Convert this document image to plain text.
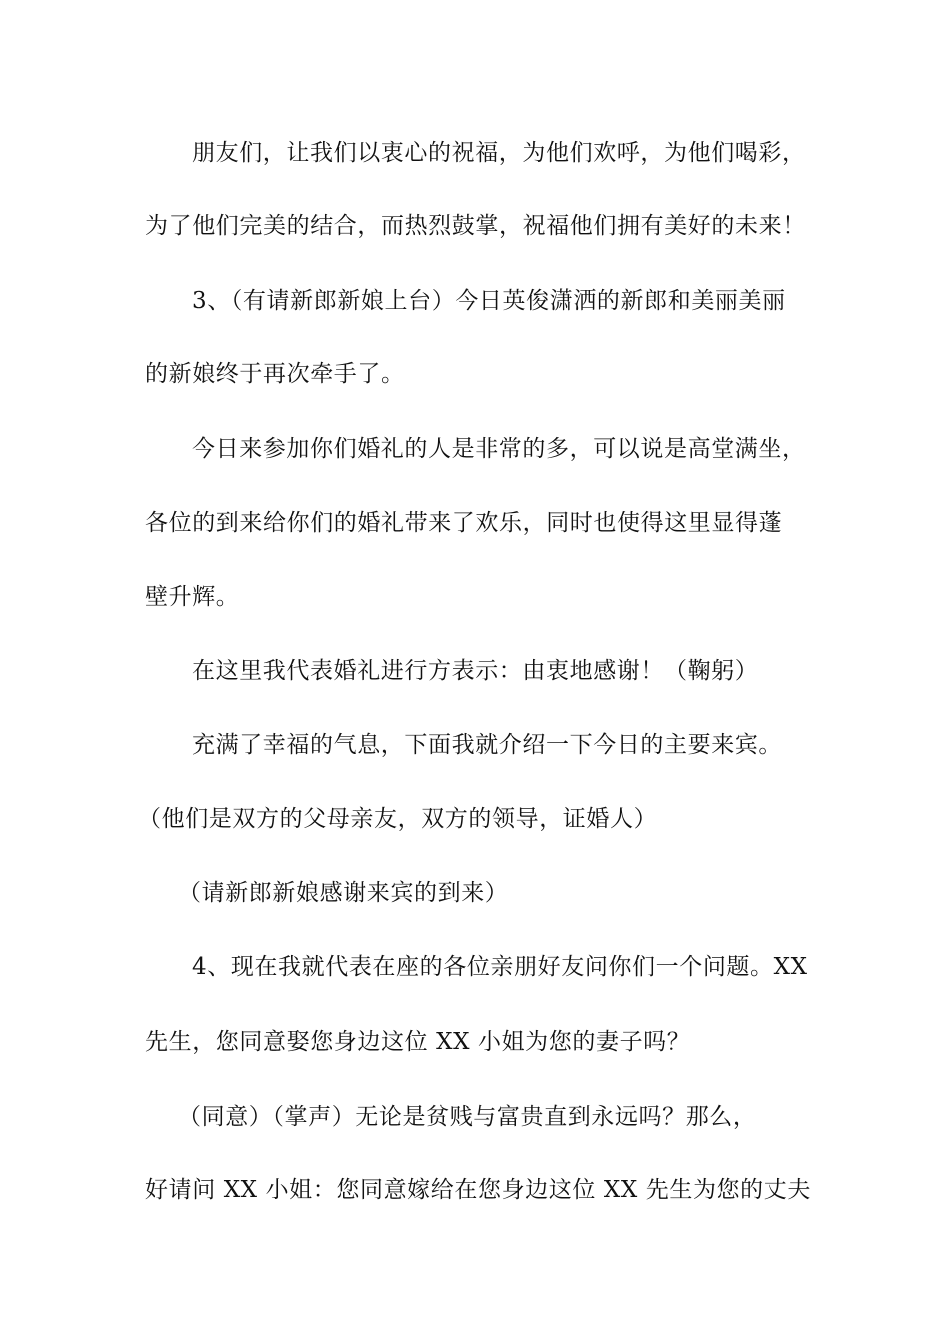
朋友们，让我们以衷心的祝福，为他们欢呼，为他们喝彩，
为了他们完美的结合，而热烈鼓掌，祝福他们拥有美好的未来！
3、（有请新郎新娘上台）今日英俊潇洒的新郎和美丽美丽
的新娘终于再次牵手了。
今日来参加你们婚礼的人是非常的多，可以说是高堂满坐，
各位的到来给你们的婚礼带来了欢乐，同时也使得这里显得蓬
壁升辉。
在这里我代表婚礼进行方表示：由衷地感谢！（鞠躬）
充满了幸福的气息，下面我就介绍一下今日的主要来宾。
（他们是双方的父母亲友，双方的领导，证婚人）
（请新郎新娘感谢来宾的到来）
4、现在我就代表在座的各位亲朋好友问你们一个问题。XX
先生，您同意娶您身边这位 XX 小姐为您的妻子吗？
（同意）（掌声）无论是贫贱与富贵直到永远吗？那么，
好请问 XX 小姐：您同意嫁给在您身边这位 XX 先生为您的丈夫
